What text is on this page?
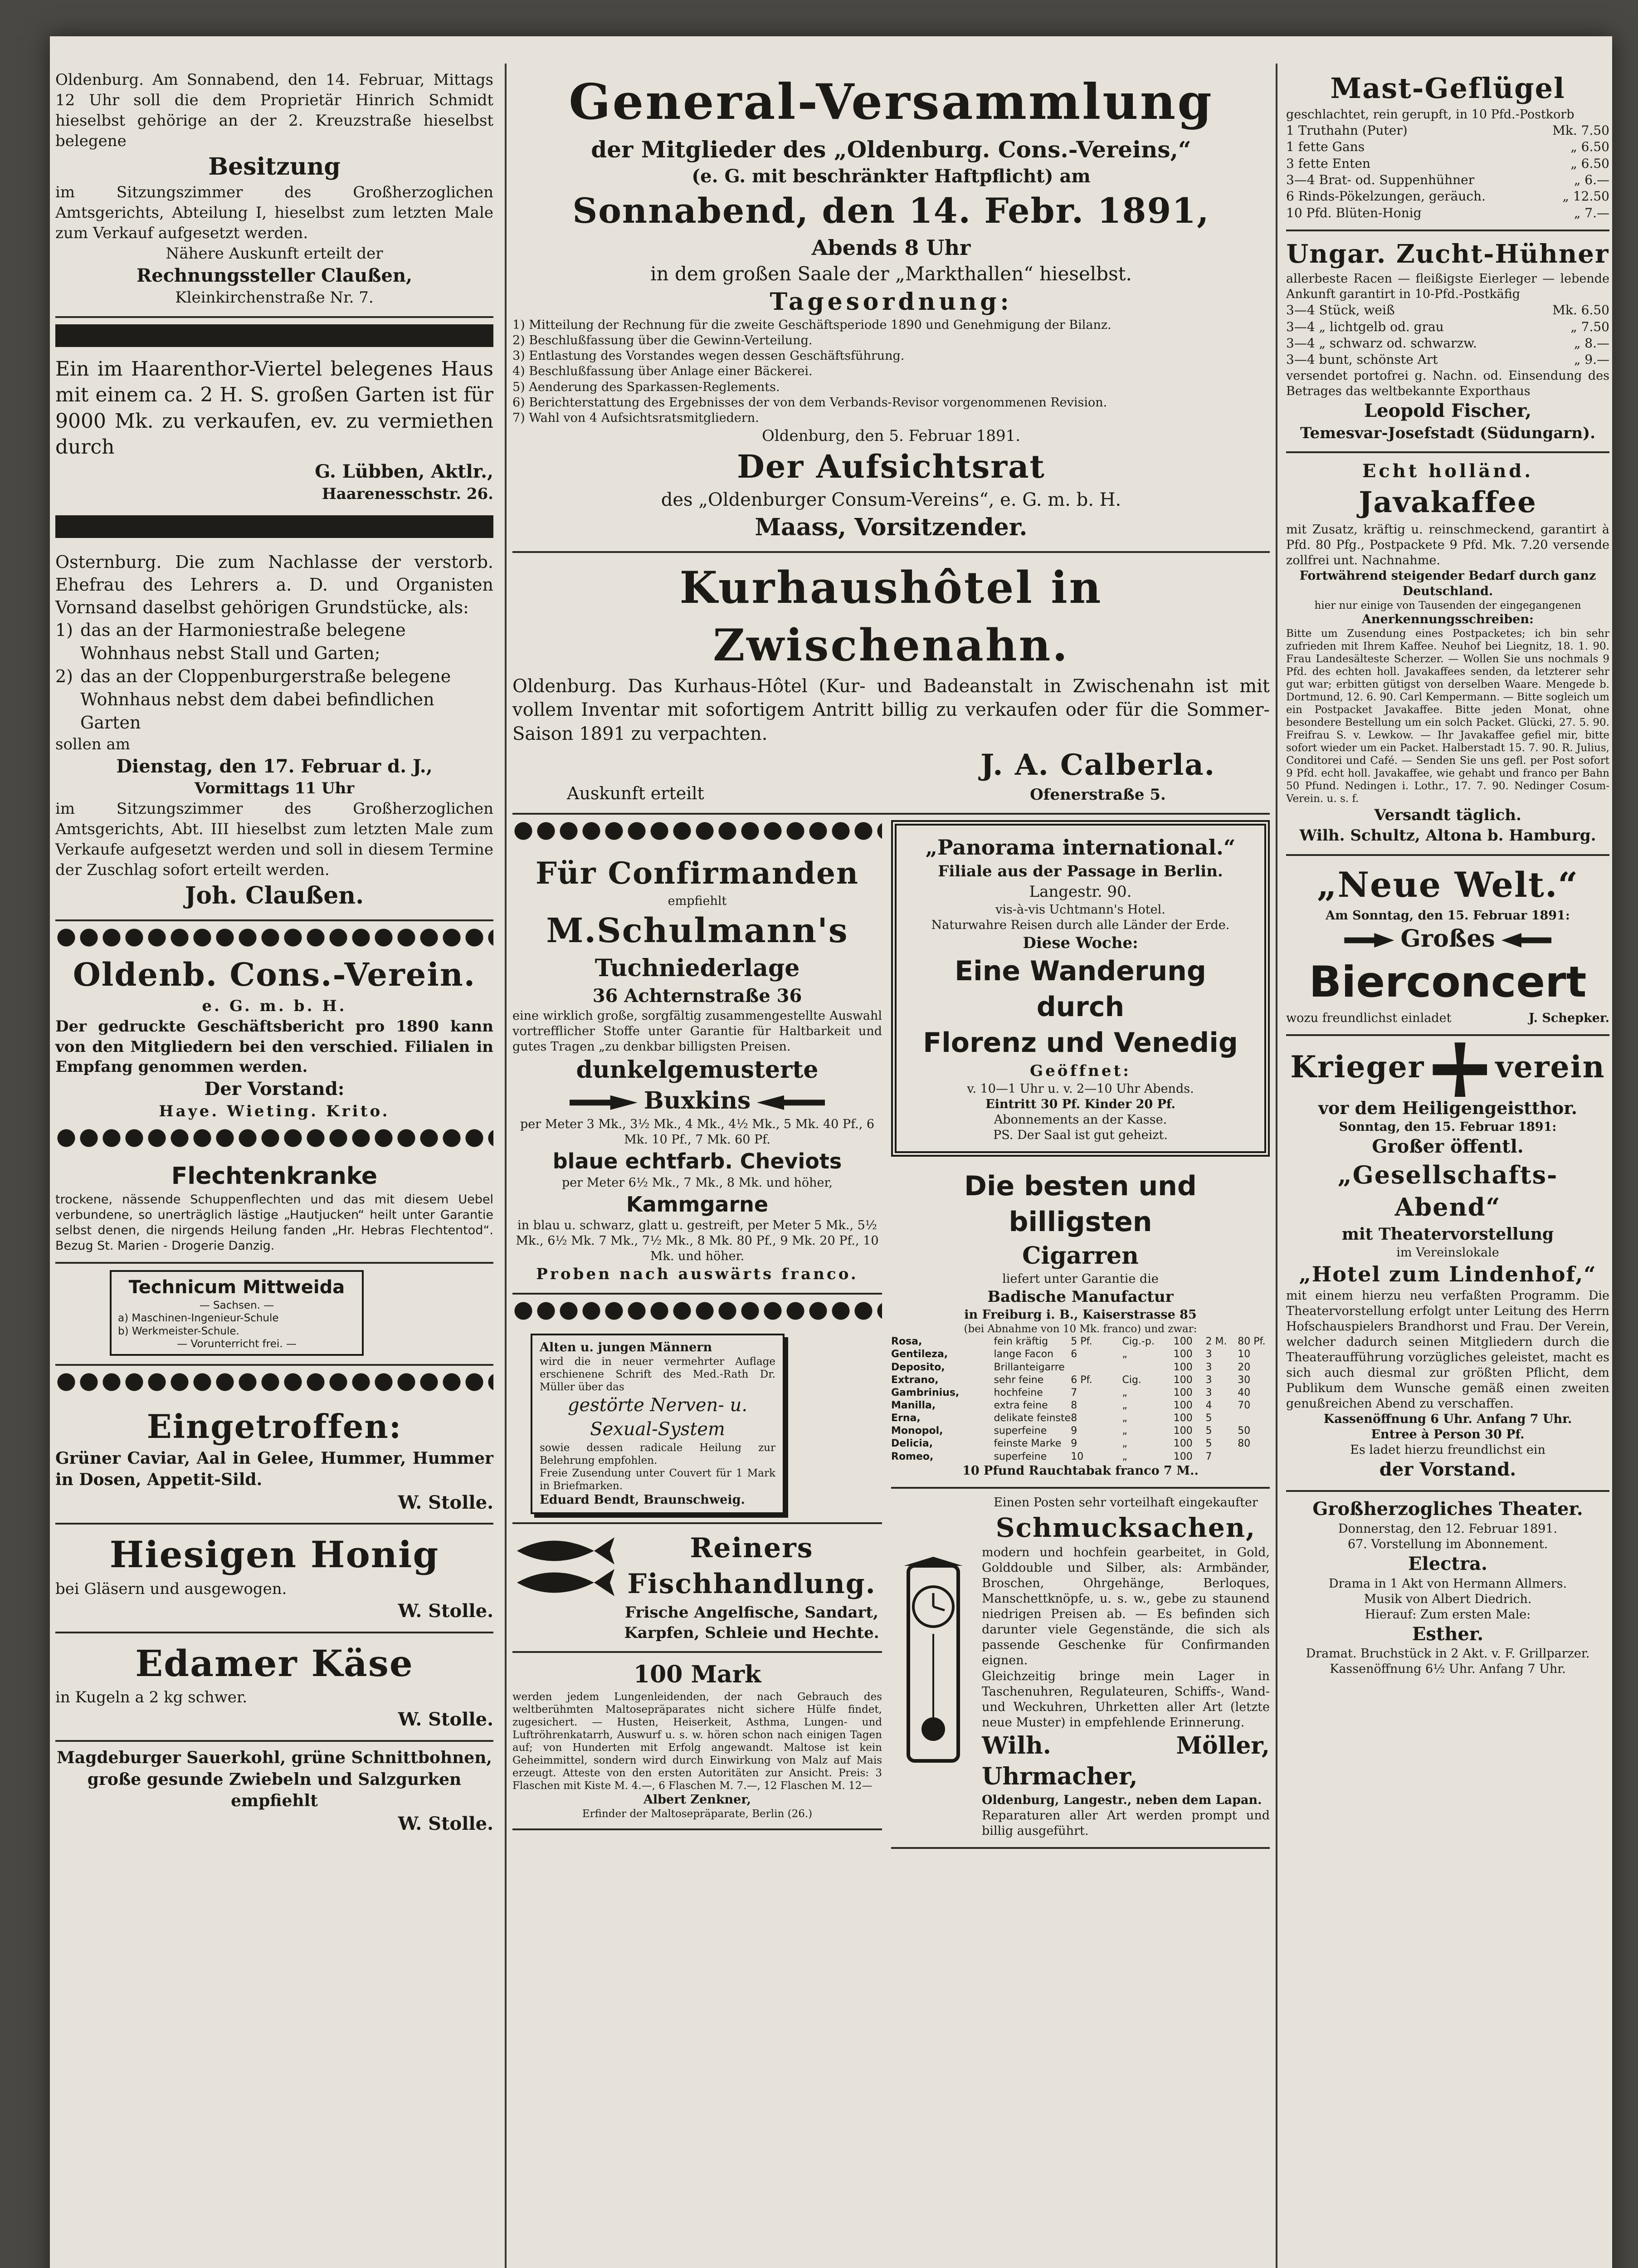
Oldenburg. Am Sonnabend, den 14. Februar, Mittags 12 Uhr soll die dem Proprietär Hinrich Schmidt hieselbst gehörige an der 2. Kreuzstraße hieselbst belegene

Besitzung

im Sitzungszimmer des Großherzoglichen Amtsgerichts, Abteilung I, hieselbst zum letzten Male zum Verkauf aufgesetzt werden.

Nähere Auskunft erteilt der

Rechnungssteller Claußen,

Kleinkirchenstraße Nr. 7.

Ein im Haarenthor-Viertel belegenes Haus mit einem ca. 2 H. S. großen Garten ist für 9000 Mk. zu verkaufen, ev. zu vermiethen durch

G. Lübben, Aktlr.,

Haarenesschstr. 26.

Osternburg. Die zum Nachlasse der verstorb. Ehefrau des Lehrers a. D. und Organisten Vornsand daselbst gehörigen Grundstücke, als:

1) das an der Harmoniestraße belegene Wohnhaus nebst Stall und Garten;
2) das an der Cloppenburgerstraße belegene Wohnhaus nebst dem dabei befindlichen Garten

sollen am

Dienstag, den 17. Februar d. J.,

Vormittags 11 Uhr

im Sitzungszimmer des Großherzoglichen Amtsgerichts, Abt. III hieselbst zum letzten Male zum Verkaufe aufgesetzt werden und soll in diesem Termine der Zuschlag sofort erteilt werden.

Joh. Claußen.

Oldenb. Cons.-Verein.

e. G. m. b. H.

Der gedruckte Geschäftsbericht pro 1890 kann von den Mitgliedern bei den verschied. Filialen in Empfang genommen werden.

Der Vorstand:

Haye. Wieting. Krito.

Flechtenkranke

trockene, nässende Schuppenflechten und das mit diesem Uebel verbundene, so unerträglich lästige „Hautjucken“ heilt unter Garantie selbst denen, die nirgends Heilung fanden „Hr. Hebras Flechtentod“. Bezug St. Marien - Drogerie Danzig.

Technicum Mittweida

— Sachsen. —

a) Maschinen-Ingenieur-Schule

b) Werkmeister-Schule.

— Vorunterricht frei. —

Eingetroffen:

Grüner Caviar, Aal in Gelee, Hummer, Hummer in Dosen, Appetit-Sild.

W. Stolle.

Hiesigen Honig

bei Gläsern und ausgewogen.

W. Stolle.

Edamer Käse

in Kugeln a 2 kg schwer.

W. Stolle.

Magdeburger Sauerkohl, grüne Schnittbohnen, große gesunde Zwiebeln und Salzgurken empfiehlt

W. Stolle.

General-Versammlung

der Mitglieder des „Oldenburg. Cons.-Vereins,“

(e. G. mit beschränkter Haftpflicht) am

Sonnabend, den 14. Febr. 1891,

Abends 8 Uhr

in dem großen Saale der „Markthallen“ hieselbst.

Tagesordnung:

1) Mitteilung der Rechnung für die zweite Geschäftsperiode 1890 und Genehmigung der Bilanz.

2) Beschlußfassung über die Gewinn-Verteilung.

3) Entlastung des Vorstandes wegen dessen Geschäftsführung.

4) Beschlußfassung über Anlage einer Bäckerei.

5) Aenderung des Sparkassen-Reglements.

6) Berichterstattung des Ergebnisses der von dem Verbands-Revisor vorgenommenen Revision.

7) Wahl von 4 Aufsichtsratsmitgliedern.

Oldenburg, den 5. Februar 1891.

Der Aufsichtsrat

des „Oldenburger Consum-Vereins“, e. G. m. b. H.

Maass, Vorsitzender.

Kurhaushôtel in Zwischenahn.

Oldenburg. Das Kurhaus-Hôtel (Kur- und Badeanstalt in Zwischenahn ist mit vollem Inventar mit sofortigem Antritt billig zu verkaufen oder für die Sommer-Saison 1891 zu verpachten.

Auskunft erteilt

J. A. Calberla.

Ofenerstraße 5.

Für Confirmanden

empfiehlt

M.Schulmann's

Tuchniederlage

36 Achternstraße 36

eine wirklich große, sorgfältig zusammengestellte Auswahl vortrefflicher Stoffe unter Garantie für Haltbarkeit und gutes Tragen „zu denkbar billigsten Preisen.

dunkelgemusterte

Buxkins

per Meter 3 Mk., 3½ Mk., 4 Mk., 4½ Mk., 5 Mk. 40 Pf., 6 Mk. 10 Pf., 7 Mk. 60 Pf.

blaue echtfarb. Cheviots

per Meter 6½ Mk., 7 Mk., 8 Mk. und höher,

Kammgarne

in blau u. schwarz, glatt u. gestreift, per Meter 5 Mk., 5½ Mk., 6½ Mk. 7 Mk., 7½ Mk., 8 Mk. 80 Pf., 9 Mk. 20 Pf., 10 Mk. und höher.

Proben nach auswärts franco.

Alten u. jungen Männern

wird die in neuer vermehrter Auflage erschienene Schrift des Med.-Rath Dr. Müller über das

gestörte Nerven- u. Sexual-System

sowie dessen radicale Heilung zur Belehrung empfohlen.

Freie Zusendung unter Couvert für 1 Mark in Briefmarken.

Eduard Bendt, Braunschweig.

Reiners

Fischhandlung.

Frische Angelfische, Sandart, Karpfen, Schleie und Hechte.

100 Mark

werden jedem Lungenleidenden, der nach Gebrauch des weltberühmten Maltosepräparates nicht sichere Hülfe findet, zugesichert. — Husten, Heiserkeit, Asthma, Lungen- und Luftröhrenkatarrh, Auswurf u. s. w. hören schon nach einigen Tagen auf; von Hunderten mit Erfolg angewandt. Maltose ist kein Geheimmittel, sondern wird durch Einwirkung von Malz auf Mais erzeugt. Atteste von den ersten Autoritäten zur Ansicht. Preis: 3 Flaschen mit Kiste M. 4.—, 6 Flaschen M. 7.—, 12 Flaschen M. 12—

Albert Zenkner,

Erfinder der Maltosepräparate, Berlin (26.)

„Panorama international.“

Filiale aus der Passage in Berlin.

Langestr. 90.

vis-à-vis Uchtmann's Hotel.

Naturwahre Reisen durch alle Länder der Erde.

Diese Woche:

Eine Wanderung

durch

Florenz und Venedig

Geöffnet:

v. 10—1 Uhr u. v. 2—10 Uhr Abends.

Eintritt 30 Pf. Kinder 20 Pf.

Abonnements an der Kasse.

PS. Der Saal ist gut geheizt.

Die besten und billigsten

Cigarren

liefert unter Garantie die

Badische Manufactur

in Freiburg i. B., Kaiserstrasse 85

(bei Abnahme von 10 Mk. franco) und zwar:

Rosa,	fein kräftig	5 Pf.	Cig.-p.	100	2 M.	80 Pf.
Gentileza,	lange Facon	6	„	100	3	10
Deposito,	Brillanteigarre	100	3	20
Extrano,	sehr feine	6 Pf.	Cig.	100	3	30
Gambrinius,	hochfeine	7	„	100	3	40
Manilla,	extra feine	8	„	100	4	70
Erna,	delikate feinste 8	„	100	5
Monopol,	superfeine	9	„	100	5	50
Delicia,	feinste Marke 9	„	100	5	80
Romeo,	superfeine	10	„	100	7

10 Pfund Rauchtabak franco 7 M..

Einen Posten sehr vorteilhaft eingekaufter

Schmucksachen,

modern und hochfein gearbeitet, in Gold, Golddouble und Silber, als: Armbänder, Broschen, Ohrgehänge, Berloques, Manschettknöpfe, u. s. w., gebe zu staunend niedrigen Preisen ab. — Es befinden sich darunter viele Gegenstände, die sich als passende Geschenke für Confirmanden eignen.

Gleichzeitig bringe mein Lager in Taschenuhren, Regulateuren, Schiffs-, Wand- und Weckuhren, Uhrketten aller Art (letzte neue Muster) in empfehlende Erinnerung.

Wilh. Möller, Uhrmacher,

Oldenburg, Langestr., neben dem Lapan.

Reparaturen aller Art werden prompt und billig ausgeführt.

Mast-Geflügel

geschlachtet, rein gerupft, in 10 Pfd.-Postkorb

1 Truthahn (Puter)	Mk. 7.50
1 fette Gans	„ 6.50
3 fette Enten	„ 6.50
3—4 Brat- od. Suppenhühner	„ 6.—
6 Rinds-Pökelzungen, geräuch.	„ 12.50
10 Pfd. Blüten-Honig	„ 7.—

Ungar. Zucht-Hühner

allerbeste Racen — fleißigste Eierleger — lebende Ankunft garantirt in 10-Pfd.-Postkäfig

3—4 Stück, weiß	Mk. 6.50
3—4 „ lichtgelb od. grau	„ 7.50
3—4 „ schwarz od. schwarzw.	„ 8.—
3—4 bunt, schönste Art	„ 9.—

versendet portofrei g. Nachn. od. Einsendung des Betrages das weltbekannte Exporthaus

Leopold Fischer,

Temesvar-Josefstadt (Südungarn).

Echt holländ.

Javakaffee

mit Zusatz, kräftig u. reinschmeckend, garantirt à Pfd. 80 Pfg., Postpackete 9 Pfd. Mk. 7.20 versende zollfrei unt. Nachnahme.

Fortwährend steigender Bedarf durch ganz Deutschland.

hier nur einige von Tausenden der eingegangenen

Anerkennungsschreiben:

Bitte um Zusendung eines Postpacketes; ich bin sehr zufrieden mit Ihrem Kaffee. Neuhof bei Liegnitz, 18. 1. 90. Frau Landesälteste Scherzer. — Wollen Sie uns nochmals 9 Pfd. des echten holl. Javakaffees senden, da letzterer sehr gut war; erbitten gütigst von derselben Waare. Mengede b. Dortmund, 12. 6. 90. Carl Kempermann. — Bitte sogleich um ein Postpacket Javakaffee. Bitte jeden Monat, ohne besondere Bestellung um ein solch Packet. Glücki, 27. 5. 90. Freifrau S. v. Lewkow. — Ihr Javakaffee gefiel mir, bitte sofort wieder um ein Packet. Halberstadt 15. 7. 90. R. Julius, Conditorei und Café. — Senden Sie uns gefl. per Post sofort 9 Pfd. echt holl. Javakaffee, wie gehabt und franco per Bahn 50 Pfund. Nedingen i. Lothr., 17. 7. 90. Nedinger Cosum-Verein. u. s. f.

Versandt täglich.

Wilh. Schultz, Altona b. Hamburg.

„Neue Welt.“

Am Sonntag, den 15. Februar 1891:

Großes

Bierconcert

wozu freundlichst einladet	J. Schepker.

Krieger verein

vor dem Heiligengeistthor.

Sonntag, den 15. Februar 1891:

Großer öffentl.

„Gesellschafts-Abend“

mit Theatervorstellung

im Vereinslokale

„Hotel zum Lindenhof,“

mit einem hierzu neu verfaßten Programm. Die Theatervorstellung erfolgt unter Leitung des Herrn Hofschauspielers Brandhorst und Frau. Der Verein, welcher dadurch seinen Mitgliedern durch die Theateraufführung vorzügliches geleistet, macht es sich auch diesmal zur größten Pflicht, dem Publikum dem Wunsche gemäß einen zweiten genußreichen Abend zu verschaffen.

Kassenöffnung 6 Uhr. Anfang 7 Uhr.

Entree à Person 30 Pf.

Es ladet hierzu freundlichst ein

der Vorstand.

Großherzogliches Theater.

Donnerstag, den 12. Februar 1891.

67. Vorstellung im Abonnement.

Electra.

Drama in 1 Akt von Hermann Allmers.

Musik von Albert Diedrich.

Hierauf: Zum ersten Male:

Esther.

Dramat. Bruchstück in 2 Akt. v. F. Grillparzer.

Kassenöffnung 6½ Uhr. Anfang 7 Uhr.
